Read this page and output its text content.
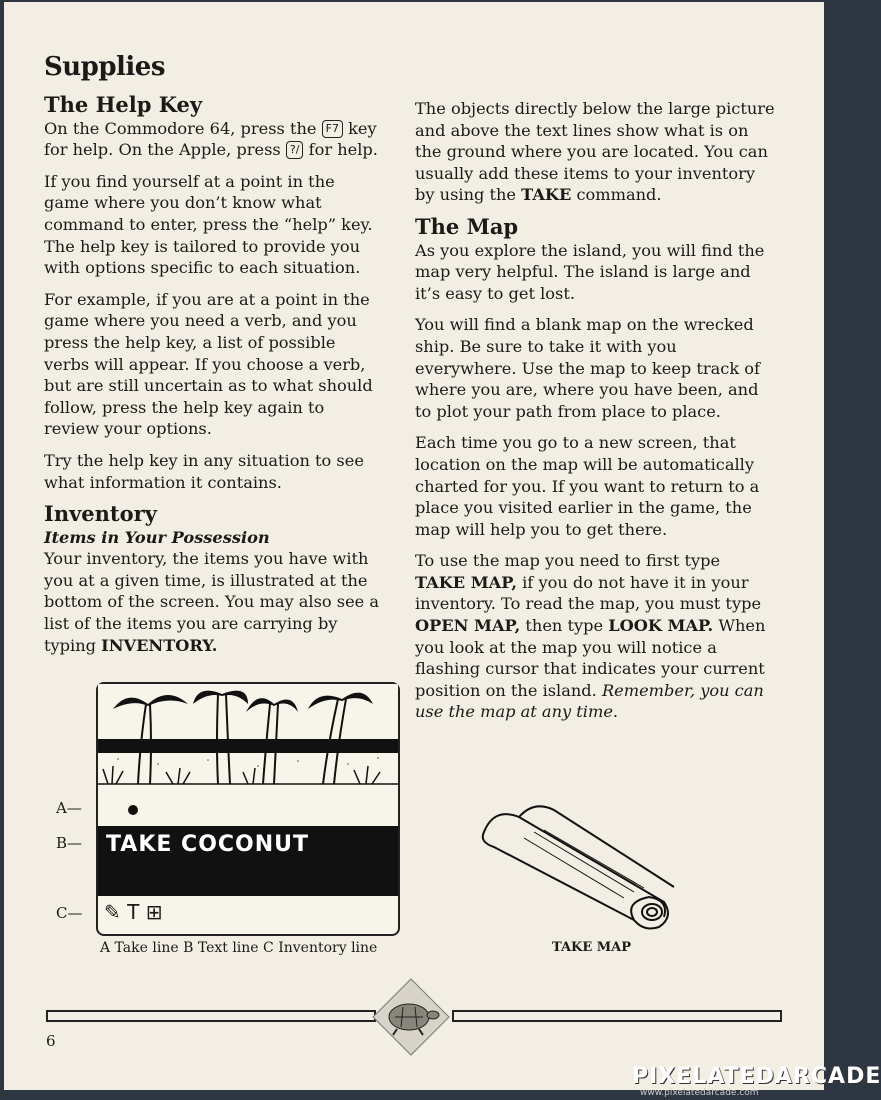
Supplies
The Help Key

On the Commodore 64, press the F7 key for help. On the Apple, press ?/ for help.

If you find yourself at a point in the game where you don’t know what command to enter, press the “help” key. The help key is tailored to provide you with options specific to each situation.

For example, if you are at a point in the game where you need a verb, and you press the help key, a list of possible verbs will appear. If you choose a verb, but are still uncertain as to what should follow, press the help key again to review your options.

Try the help key in any situation to see what information it contains.

Inventory
Items in Your Possession

Your inventory, the items you have with you at a given time, is illustrated at the bottom of the screen. You may also see a list of the items you are carrying by typing INVENTORY.

The objects directly below the large picture and above the text lines show what is on the ground where you are located. You can usually add these items to your inventory by using the TAKE command.

The Map

As you explore the island, you will find the map very helpful. The island is large and it’s easy to get lost.

You will find a blank map on the wrecked ship. Be sure to take it with you everywhere. Use the map to keep track of where you are, where you have been, and to plot your path from place to place.

Each time you go to a new screen, that location on the map will be automatically charted for you. If you want to return to a place you visited earlier in the game, the map will help you to get there.

To use the map you need to first type TAKE MAP, if you do not have it in your inventory. To read the map, you must type OPEN MAP, then type LOOK MAP. When you look at the map you will notice a flashing cursor that indicates your current position on the island. Remember, you can use the map at any time.

TAKE COCONUT
✎ T ⊞
A—
B—
C—
A Take line B Text line C Inventory line	TAKE MAP
6
PIXELATEDARCADE
www.pixelatedarcade.com
